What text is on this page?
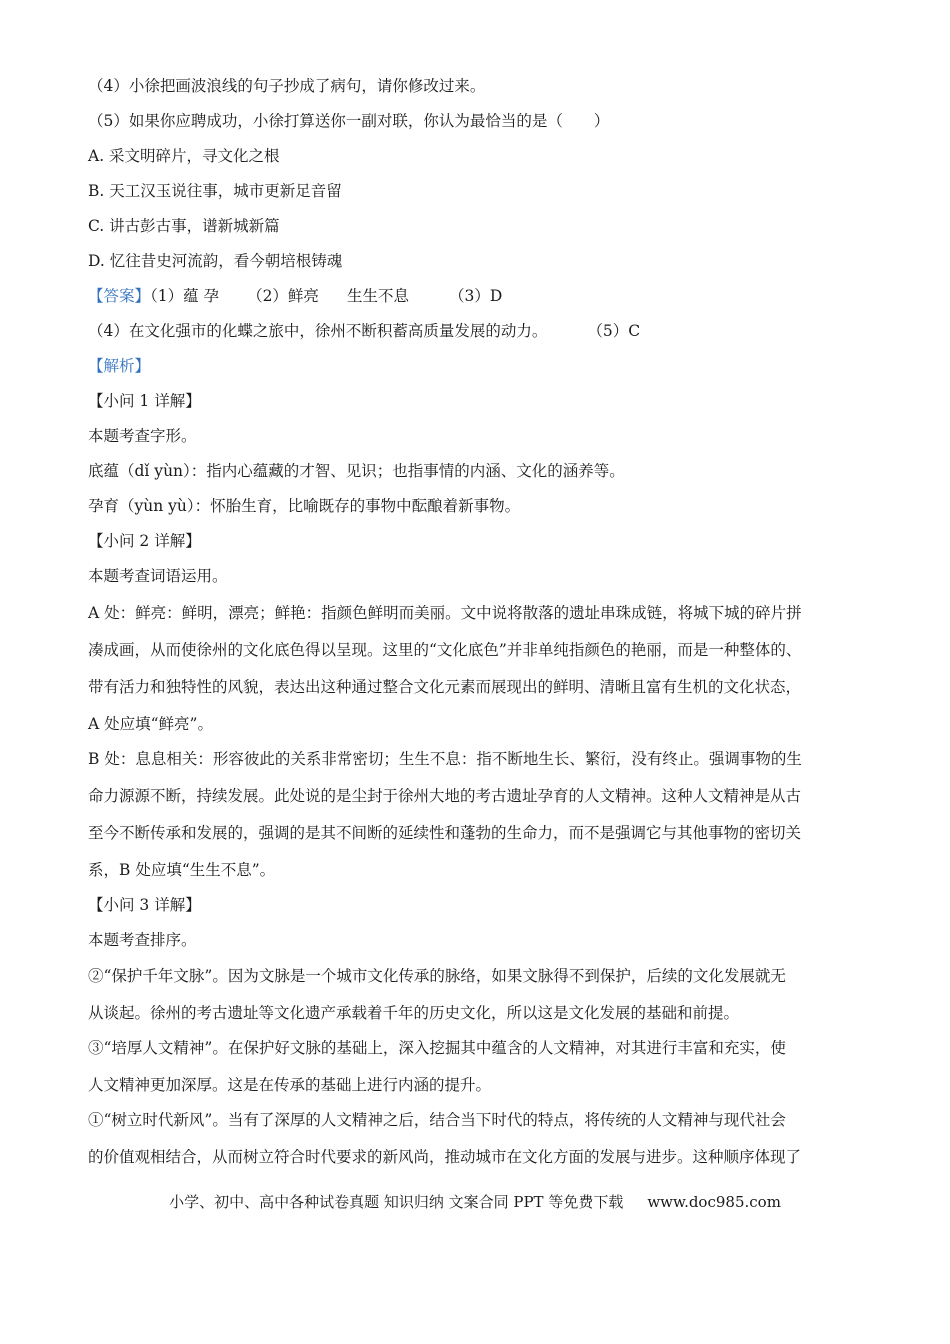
（4）小徐把画波浪线的句子抄成了病句，请你修改过来。
（5）如果你应聘成功，小徐打算送你一副对联，你认为最恰当的是（　　）
A. 采文明碎片，寻文化之根
B. 天工汉玉说往事，城市更新足音留
C. 讲古彭古事，谱新城新篇
D. 忆往昔史河流韵，看今朝培根铸魂
【答案】（1）蕴 孕 （2）鲜亮 生生不息	（3）D
（4）在文化强市的化蝶之旅中，徐州不断积蓄高质量发展的动力。	（5）C
【解析】
【小问 1 详解】
本题考查字形。
底蕴（dǐ yùn）：指内心蕴藏的才智、见识；也指事情的内涵、文化的涵养等。
孕育（yùn yù）：怀胎生育，比喻既存的事物中酝酿着新事物。
【小问 2 详解】
本题考查词语运用。
A 处：鲜亮：鲜明，漂亮；鲜艳：指颜色鲜明而美丽。文中说将散落的遗址串珠成链，将城下城的碎片拼
凑成画，从而使徐州的文化底色得以呈现。这里的“文化底色”并非单纯指颜色的艳丽，而是一种整体的、
带有活力和独特性的风貌，表达出这种通过整合文化元素而展现出的鲜明、清晰且富有生机的文化状态，
A 处应填“鲜亮”。
B 处：息息相关：形容彼此的关系非常密切；生生不息：指不断地生长、繁衍，没有终止。强调事物的生
命力源源不断，持续发展。此处说的是尘封于徐州大地的考古遗址孕育的人文精神。这种人文精神是从古
至今不断传承和发展的，强调的是其不间断的延续性和蓬勃的生命力，而不是强调它与其他事物的密切关
系，B 处应填“生生不息”。
【小问 3 详解】
本题考查排序。
②“保护千年文脉”。因为文脉是一个城市文化传承的脉络，如果文脉得不到保护，后续的文化发展就无
从谈起。徐州的考古遗址等文化遗产承载着千年的历史文化，所以这是文化发展的基础和前提。
③“培厚人文精神”。在保护好文脉的基础上，深入挖掘其中蕴含的人文精神，对其进行丰富和充实，使
人文精神更加深厚。这是在传承的基础上进行内涵的提升。
①“树立时代新风”。当有了深厚的人文精神之后，结合当下时代的特点，将传统的人文精神与现代社会
的价值观相结合，从而树立符合时代要求的新风尚，推动城市在文化方面的发展与进步。这种顺序体现了
小学、初中、高中各种试卷真题 知识归纳 文案合同 PPT 等免费下载 www.doc985.com
